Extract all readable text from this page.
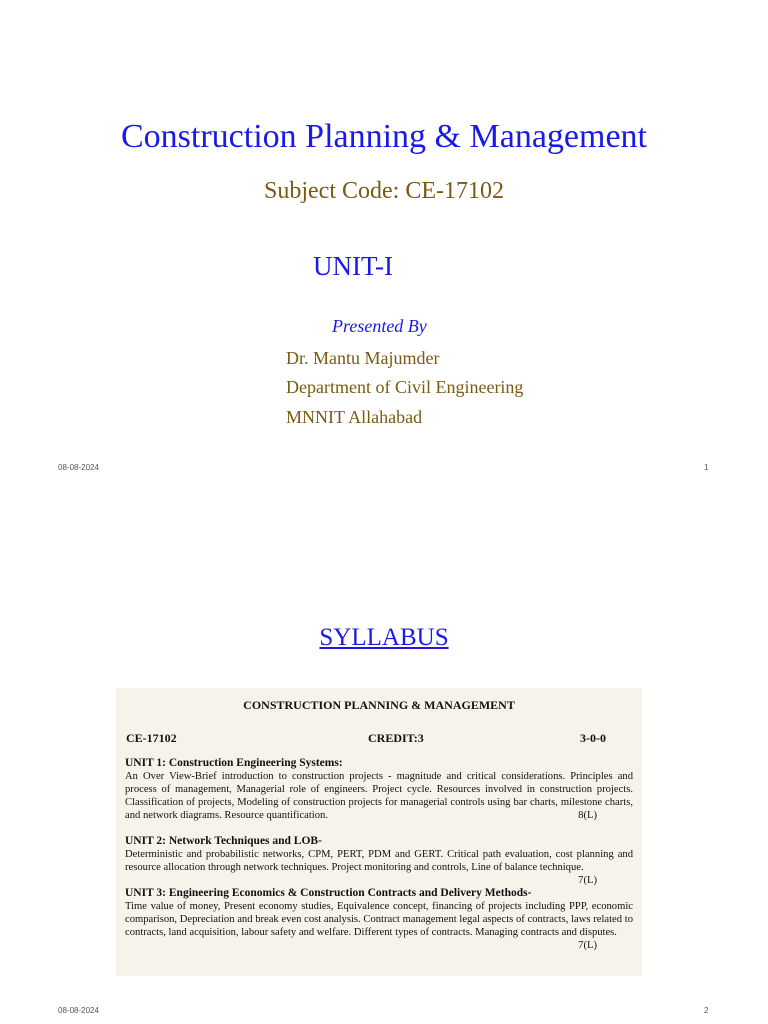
Construction Planning & Management
Subject Code: CE-17102
UNIT-I
Presented By
Dr. Mantu Majumder
Department of Civil Engineering
MNNIT Allahabad
08-08-2024	1
SYLLABUS
CONSTRUCTION PLANNING & MANAGEMENT
CE-17102	CREDIT:3	3-0-0
UNIT 1: Construction Engineering Systems:
An Over View-Brief introduction to construction projects - magnitude and critical considerations. Principles and process of management, Managerial role of engineers. Project cycle. Resources involved in construction projects. Classification of projects, Modeling of construction projects for managerial controls using bar charts, milestone charts, and network diagrams. Resource quantification.	8(L)
UNIT 2: Network Techniques and LOB-
Deterministic and probabilistic networks, CPM, PERT, PDM and GERT. Critical path evaluation, cost planning and resource allocation through network techniques. Project monitoring and controls, Line of balance technique.
7(L)
UNIT 3: Engineering Economics & Construction Contracts and Delivery Methods-
Time value of money, Present economy studies, Equivalence concept, financing of projects including PPP, economic comparison, Depreciation and break even cost analysis. Contract management legal aspects of contracts, laws related to contracts, land acquisition, labour safety and welfare. Different types of contracts. Managing contracts and disputes.
7(L)
08-08-2024	2
